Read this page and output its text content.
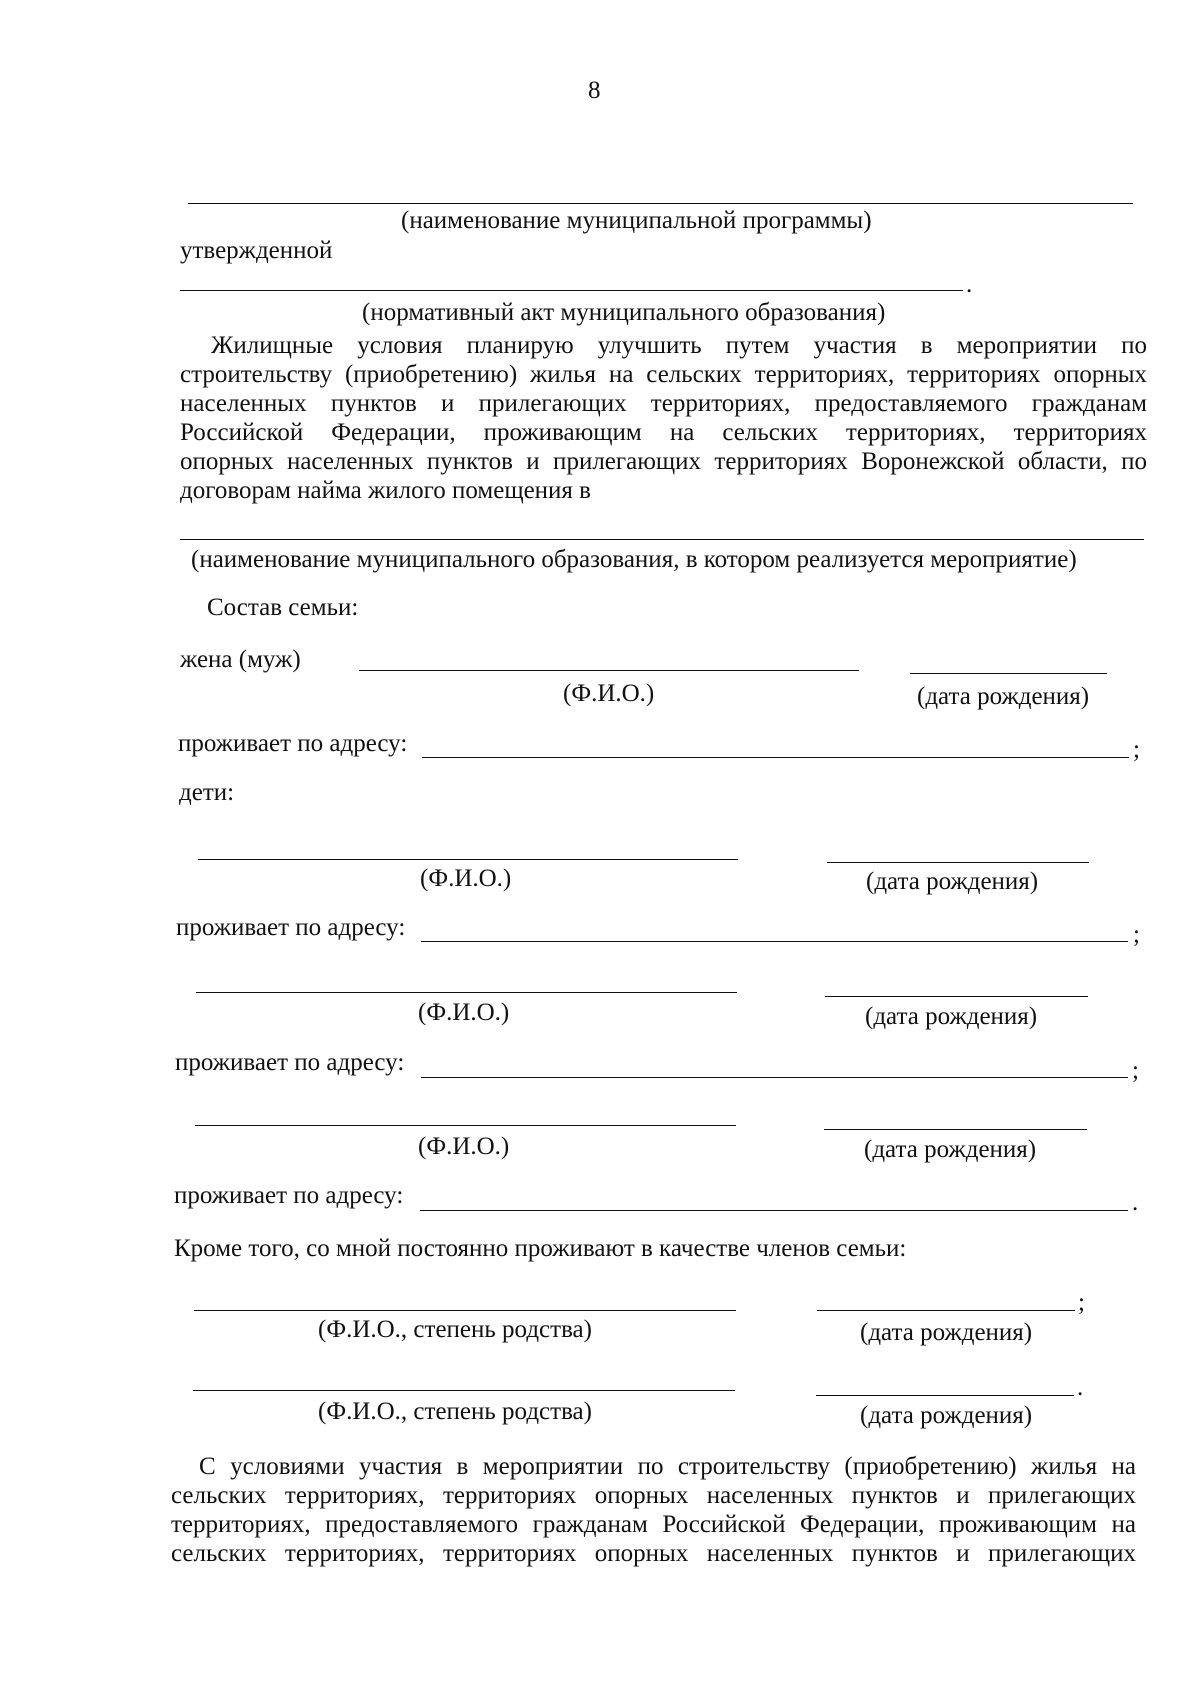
8
(наименование муниципальной программы)
утвержденной
.
(нормативный акт муниципального образования)
Жилищные условия планирую улучшить путем участия в мероприятии по
строительству (приобретению) жилья на сельских территориях, территориях опорных
населенных пунктов и прилегающих территориях, предоставляемого гражданам
Российской Федерации, проживающим на сельских территориях, территориях
опорных населенных пунктов и прилегающих территориях Воронежской области, по
договорам найма жилого помещения в
(наименование муниципального образования, в котором реализуется мероприятие)
Состав семьи:
жена (муж)
(Ф.И.О.)	(дата рождения)
проживает по адресу:	;
дети:
(Ф.И.О.)	(дата рождения)
проживает по адресу:	;
(Ф.И.О.)	(дата рождения)
проживает по адресу:	;
(Ф.И.О.)	(дата рождения)
проживает по адресу:	.
Кроме того, со мной постоянно проживают в качестве членов семьи:
;
(Ф.И.О., степень родства)	(дата рождения)
.
(Ф.И.О., степень родства)	(дата рождения)
С условиями участия в мероприятии по строительству (приобретению) жилья на
сельских территориях, территориях опорных населенных пунктов и прилегающих
территориях, предоставляемого гражданам Российской Федерации, проживающим на
сельских территориях, территориях опорных населенных пунктов и прилегающих
